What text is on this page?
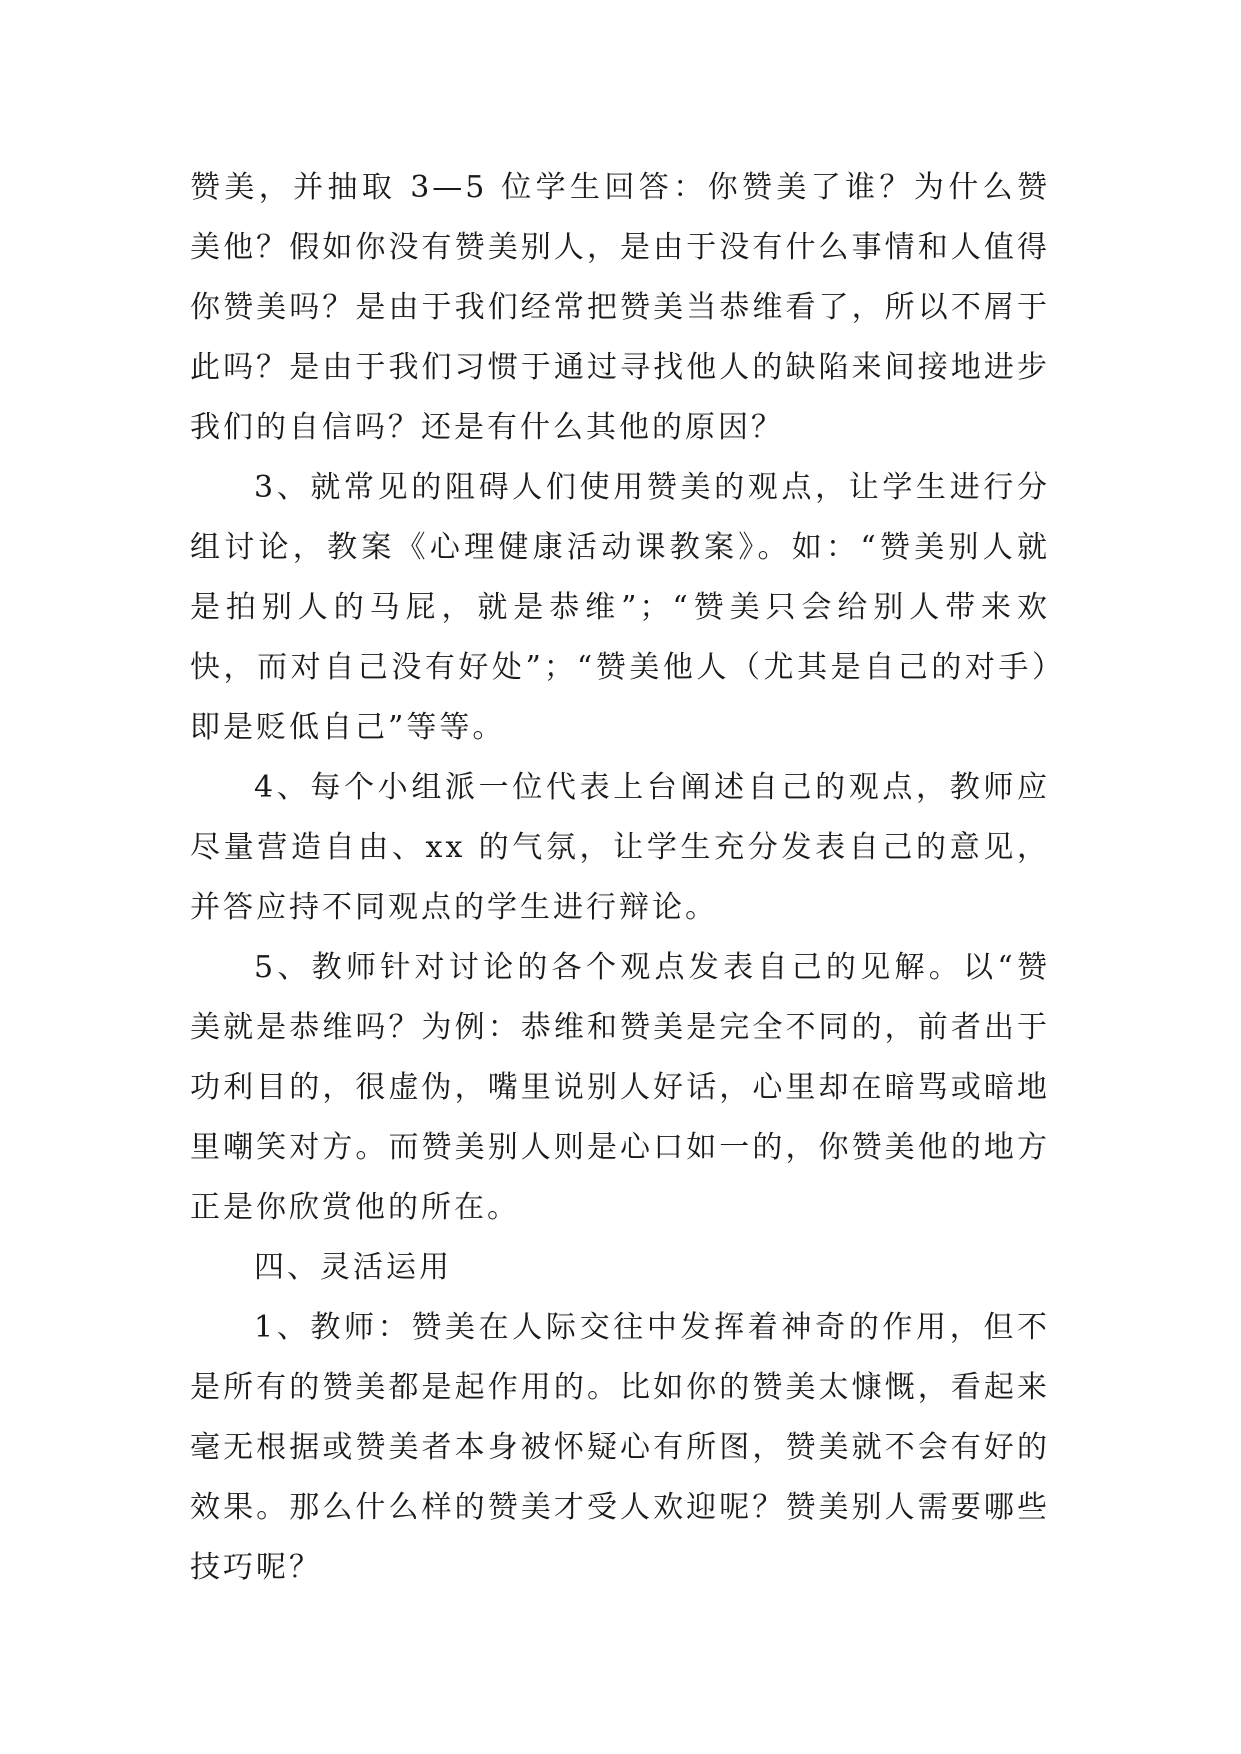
赞美，并抽取 3—5 位学生回答：你赞美了谁？为什么赞美他？假如你没有赞美别人，是由于没有什么事情和人值得你赞美吗？是由于我们经常把赞美当恭维看了，所以不屑于此吗？是由于我们习惯于通过寻找他人的缺陷来间接地进步我们的自信吗？还是有什么其他的原因？

3、就常见的阻碍人们使用赞美的观点，让学生进行分组讨论，教案《心理健康活动课教案》。如：“赞美别人就是拍别人的马屁，就是恭维”；“赞美只会给别人带来欢快，而对自己没有好处”；“赞美他人（尤其是自己的对手）即是贬低自己”等等。

4、每个小组派一位代表上台阐述自己的观点，教师应尽量营造自由、xx 的气氛，让学生充分发表自己的意见，并答应持不同观点的学生进行辩论。

5、教师针对讨论的各个观点发表自己的见解。以“赞美就是恭维吗？为例：恭维和赞美是完全不同的，前者出于功利目的，很虚伪，嘴里说别人好话，心里却在暗骂或暗地里嘲笑对方。而赞美别人则是心口如一的，你赞美他的地方正是你欣赏他的所在。

四、灵活运用

1、教师：赞美在人际交往中发挥着神奇的作用，但不是所有的赞美都是起作用的。比如你的赞美太慷慨，看起来毫无根据或赞美者本身被怀疑心有所图，赞美就不会有好的效果。那么什么样的赞美才受人欢迎呢？赞美别人需要哪些技巧呢？
